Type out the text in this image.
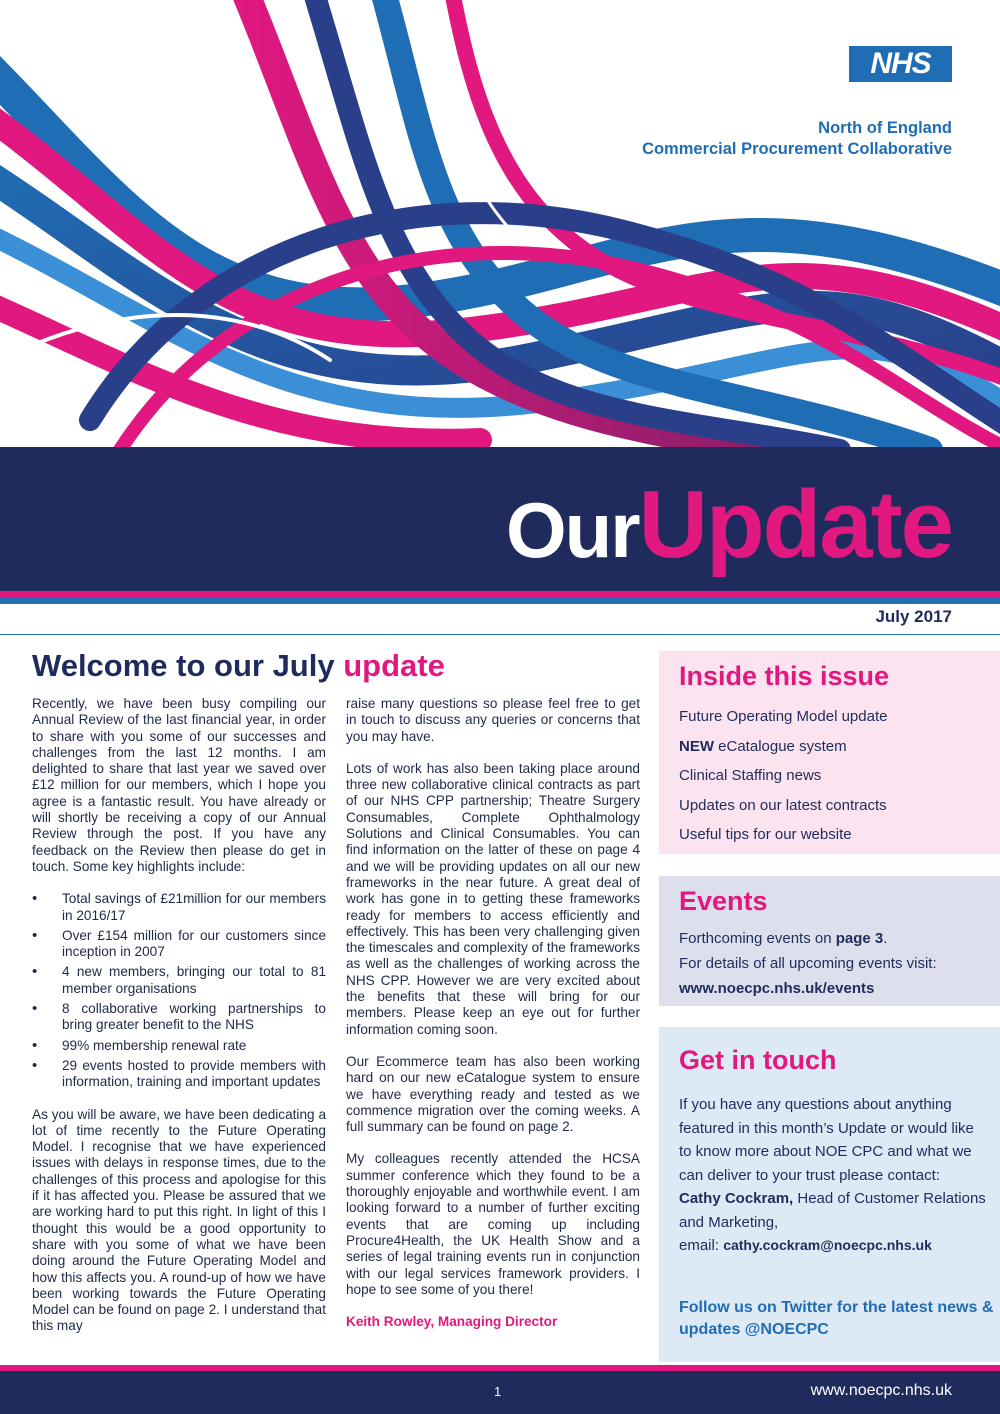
NHS
North of England
Commercial Procurement Collaborative
OurUpdate
July 2017
Welcome to our July update

Recently, we have been busy compiling our Annual Review of the last financial year, in order to share with you some of our successes and challenges from the last 12 months. I am delighted to share that last year we saved over £12 million for our members, which I hope you agree is a fantastic result. You have already or will shortly be receiving a copy of our Annual Review through the post. If you have any feedback on the Review then please do get in touch. Some key highlights include:

• Total savings of £21million for our members in 2016/17
• Over £154 million for our customers since inception in 2007
• 4 new members, bringing our total to 81 member organisations
• 8 collaborative working partnerships to bring greater benefit to the NHS
• 99% membership renewal rate
• 29 events hosted to provide members with information, training and important updates

As you will be aware, we have been dedicating a lot of time recently to the Future Operating Model. I recognise that we have experienced issues with delays in response times, due to the challenges of this process and apologise for this if it has affected you. Please be assured that we are working hard to put this right. In light of this I thought this would be a good opportunity to share with you some of what we have been doing around the Future Operating Model and how this affects you. A round-up of how we have been working towards the Future Operating Model can be found on page 2. I understand that this may

raise many questions so please feel free to get in touch to discuss any queries or concerns that you may have.

Lots of work has also been taking place around three new collaborative clinical contracts as part of our NHS CPP partnership; Theatre Surgery Consumables, Complete Ophthalmology Solutions and Clinical Consumables. You can find information on the latter of these on page 4 and we will be providing updates on all our new frameworks in the near future. A great deal of work has gone in to getting these frameworks ready for members to access efficiently and effectively. This has been very challenging given the timescales and complexity of the frameworks as well as the challenges of working across the NHS CPP. However we are very excited about the benefits that these will bring for our members. Please keep an eye out for further information coming soon.

Our Ecommerce team has also been working hard on our new eCatalogue system to ensure we have everything ready and tested as we commence migration over the coming weeks. A full summary can be found on page 2.

My colleagues recently attended the HCSA summer conference which they found to be a thoroughly enjoyable and worthwhile event. I am looking forward to a number of further exciting events that are coming up including Procure4Health, the UK Health Show and a series of legal training events run in conjunction with our legal services framework providers. I hope to see some of you there!

Keith Rowley, Managing Director

Inside this issue
Future Operating Model update
NEW eCatalogue system
Clinical Staffing news
Updates on our latest contracts
Useful tips for our website
Events
Forthcoming events on page 3.
For details of all upcoming events visit:
www.noecpc.nhs.uk/events
Get in touch
If you have any questions about anything featured in this month’s Update or would like to know more about NOE CPC and what we can deliver to your trust please contact:
Cathy Cockram, Head of Customer Relations and Marketing,
email: cathy.cockram@noecpc.nhs.uk
Follow us on Twitter for the latest news & updates @NOECPC
1	www.noecpc.nhs.uk
